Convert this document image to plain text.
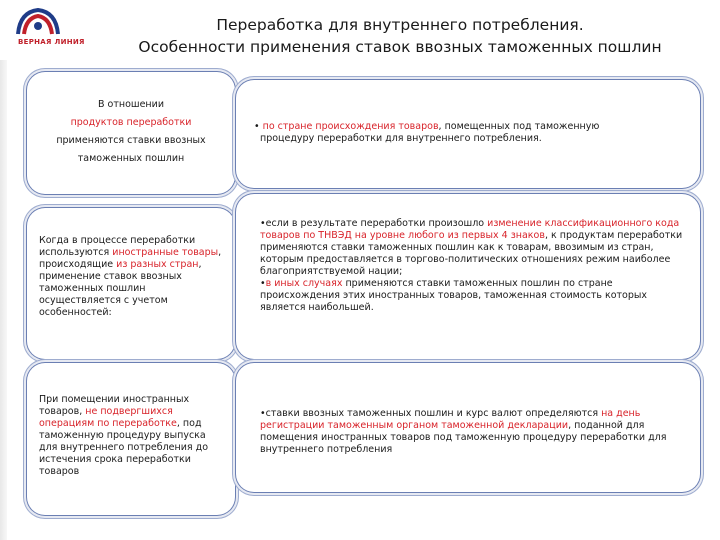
ВЕРНАЯ ЛИНИЯ
Переработка для внутреннего потребления.
Особенности применения ставок ввозных таможенных пошлин
В отношении
продуктов переработки
применяются ставки ввозных
таможенных пошлин
• по стране происхождения товаров, помещенных под таможенную
процедуру переработки для внутреннего потребления.
Когда в процессе переработки используются иностранные товары, происходящие из разных стран, применение ставок ввозных таможенных пошлин осуществляется с учетом особенностей:
•если в результате переработки произошло изменение классификационного кода товаров по ТНВЭД на уровне любого из первых 4 знаков, к продуктам переработки применяются ставки таможенных пошлин как к товарам, ввозимым из стран, которым предоставляется в торгово-политических отношениях режим наиболее благоприятствуемой нации;
•в иных случаях применяются ставки таможенных пошлин по стране происхождения этих иностранных товаров, таможенная стоимость которых является наибольшей.
При помещении иностранных товаров, не подвергшихся операциям по переработке, под таможенную процедуру выпуска для внутреннего потребления до истечения срока переработки товаров
•ставки ввозных таможенных пошлин и курс валют определяются на день регистрации таможенным органом таможенной декларации, поданной для помещения иностранных товаров под таможенную процедуру переработки для внутреннего потребления
